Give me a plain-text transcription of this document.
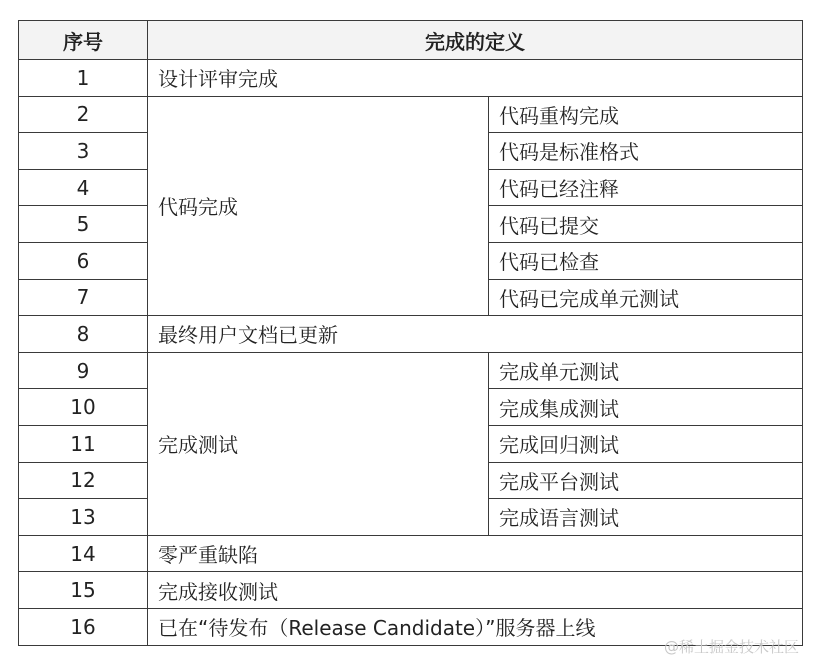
序号	完成的定义	
1	设计评审完成	
2	代码完成	代码重构完成
3		代码是标准格式
4		代码已经注释
5		代码已提交
6		代码已检查
7		代码已完成单元测试
8	最终用户文档已更新	
9	完成测试	完成单元测试
10		完成集成测试
11		完成回归测试
12		完成平台测试
13		完成语言测试
14	零严重缺陷	
15	完成接收测试	
16	已在“待发布（Release Candidate）”服务器上线	
@稀土掘金技术社区
